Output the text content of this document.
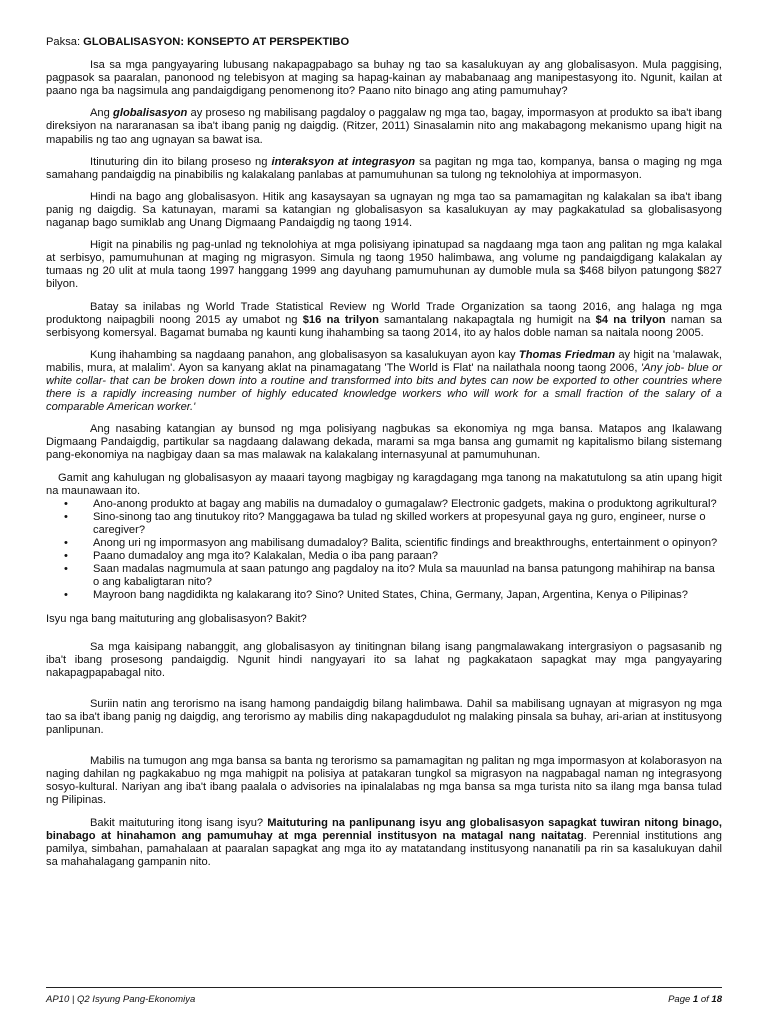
Paksa: GLOBALISASYON: KONSEPTO AT PERSPEKTIBO

Isa sa mga pangyayaring lubusang nakapagpabago sa buhay ng tao sa kasalukuyan ay ang globalisasyon. Mula paggising, pagpasok sa paaralan, panonood ng telebisyon at maging sa hapag-kainan ay mababanaag ang manipestasyong ito. Ngunit, kailan at paano nga ba nagsimula ang pandaigdigang penomenong ito? Paano nito binago ang ating pamumuhay?

Ang globalisasyon ay proseso ng mabilisang pagdaloy o paggalaw ng mga tao, bagay, impormasyon at produkto sa iba't ibang direksiyon na nararanasan sa iba't ibang panig ng daigdig. (Ritzer, 2011) Sinasalamin nito ang makabagong mekanismo upang higit na mapabilis ng tao ang ugnayan sa bawat isa.

Itinuturing din ito bilang proseso ng interaksyon at integrasyon sa pagitan ng mga tao, kompanya, bansa o maging ng mga samahang pandaigdig na pinabibilis ng kalakalang panlabas at pamumuhunan sa tulong ng teknolohiya at impormasyon.

Hindi na bago ang globalisasyon. Hitik ang kasaysayan sa ugnayan ng mga tao sa pamamagitan ng kalakalan sa iba't ibang panig ng daigdig. Sa katunayan, marami sa katangian ng globalisasyon sa kasalukuyan ay may pagkakatulad sa globalisasyong naganap bago sumiklab ang Unang Digmaang Pandaigdig ng taong 1914.

Higit na pinabilis ng pag-unlad ng teknolohiya at mga polisiyang ipinatupad sa nagdaang mga taon ang palitan ng mga kalakal at serbisyo, pamumuhunan at maging ng migrasyon. Simula ng taong 1950 halimbawa, ang volume ng pandaigdigang kalakalan ay tumaas ng 20 ulit at mula taong 1997 hanggang 1999 ang dayuhang pamumuhunan ay dumoble mula sa $468 bilyon patungong $827 bilyon.

Batay sa inilabas ng World Trade Statistical Review ng World Trade Organization sa taong 2016, ang halaga ng mga produktong naipagbili noong 2015 ay umabot ng $16 na trilyon samantalang nakapagtala ng humigit na $4 na trilyon naman sa serbisyong komersyal. Bagamat bumaba ng kaunti kung ihahambing sa taong 2014, ito ay halos doble naman sa naitala noong 2005.

Kung ihahambing sa nagdaang panahon, ang globalisasyon sa kasalukuyan ayon kay Thomas Friedman ay higit na 'malawak, mabilis, mura, at malalim'. Ayon sa kanyang aklat na pinamagatang 'The World is Flat' na nailathala noong taong 2006, 'Any job- blue or white collar- that can be broken down into a routine and transformed into bits and bytes can now be exported to other countries where there is a rapidly increasing number of highly educated knowledge workers who will work for a small fraction of the salary of a comparable American worker.'

Ang nasabing katangian ay bunsod ng mga polisiyang nagbukas sa ekonomiya ng mga bansa. Matapos ang Ikalawang Digmaang Pandaigdig, partikular sa nagdaang dalawang dekada, marami sa mga bansa ang gumamit ng kapitalismo bilang sistemang pang-ekonomiya na nagbigay daan sa mas malawak na kalakalang internasyunal at pamumuhunan.

Gamit ang kahulugan ng globalisasyon ay maaari tayong magbigay ng karagdagang mga tanong na makatutulong sa atin upang higit na maunawaan ito.

• Ano-anong produkto at bagay ang mabilis na dumadaloy o gumagalaw? Electronic gadgets, makina o produktong agrikultural?
• Sino-sinong tao ang tinutukoy rito? Manggagawa ba tulad ng skilled workers at propesyunal gaya ng guro, engineer, nurse o caregiver?
• Anong uri ng impormasyon ang mabilisang dumadaloy? Balita, scientific findings and breakthroughs, entertainment o opinyon?
• Paano dumadaloy ang mga ito? Kalakalan, Media o iba pang paraan?
• Saan madalas nagmumula at saan patungo ang pagdaloy na ito? Mula sa mauunlad na bansa patungong mahihirap na bansa o ang kabaligtaran nito?
• Mayroon bang nagdidikta ng kalakarang ito? Sino? United States, China, Germany, Japan, Argentina, Kenya o Pilipinas?

Isyu nga bang maituturing ang globalisasyon? Bakit?

Sa mga kaisipang nabanggit, ang globalisasyon ay tinitingnan bilang isang pangmalawakang intergrasiyon o pagsasanib ng iba't ibang prosesong pandaigdig. Ngunit hindi nangyayari ito sa lahat ng pagkakataon sapagkat may mga pangyayaring nakapagpapabagal nito.

Suriin natin ang terorismo na isang hamong pandaigdig bilang halimbawa. Dahil sa mabilisang ugnayan at migrasyon ng mga tao sa iba't ibang panig ng daigdig, ang terorismo ay mabilis ding nakapagdudulot ng malaking pinsala sa buhay, ari-arian at institusyong panlipunan.

Mabilis na tumugon ang mga bansa sa banta ng terorismo sa pamamagitan ng palitan ng mga impormasyon at kolaborasyon na naging dahilan ng pagkakabuo ng mga mahigpit na polisiya at patakaran tungkol sa migrasyon na nagpabagal naman ng integrasyong sosyo-kultural. Nariyan ang iba't ibang paalala o advisories na ipinalalabas ng mga bansa sa mga turista nito sa ilang mga bansa tulad ng Pilipinas.

Bakit maituturing itong isang isyu? Maituturing na panlipunang isyu ang globalisasyon sapagkat tuwiran nitong binago, binabago at hinahamon ang pamumuhay at mga perennial institusyon na matagal nang naitatag. Perennial institutions ang pamilya, simbahan, pamahalaan at paaralan sapagkat ang mga ito ay matatandang institusyong nananatili pa rin sa kasalukuyan dahil sa mahahalagang gampanin nito.

AP10 | Q2 Isyung Pang-Ekonomiya	Page 1 of 18
